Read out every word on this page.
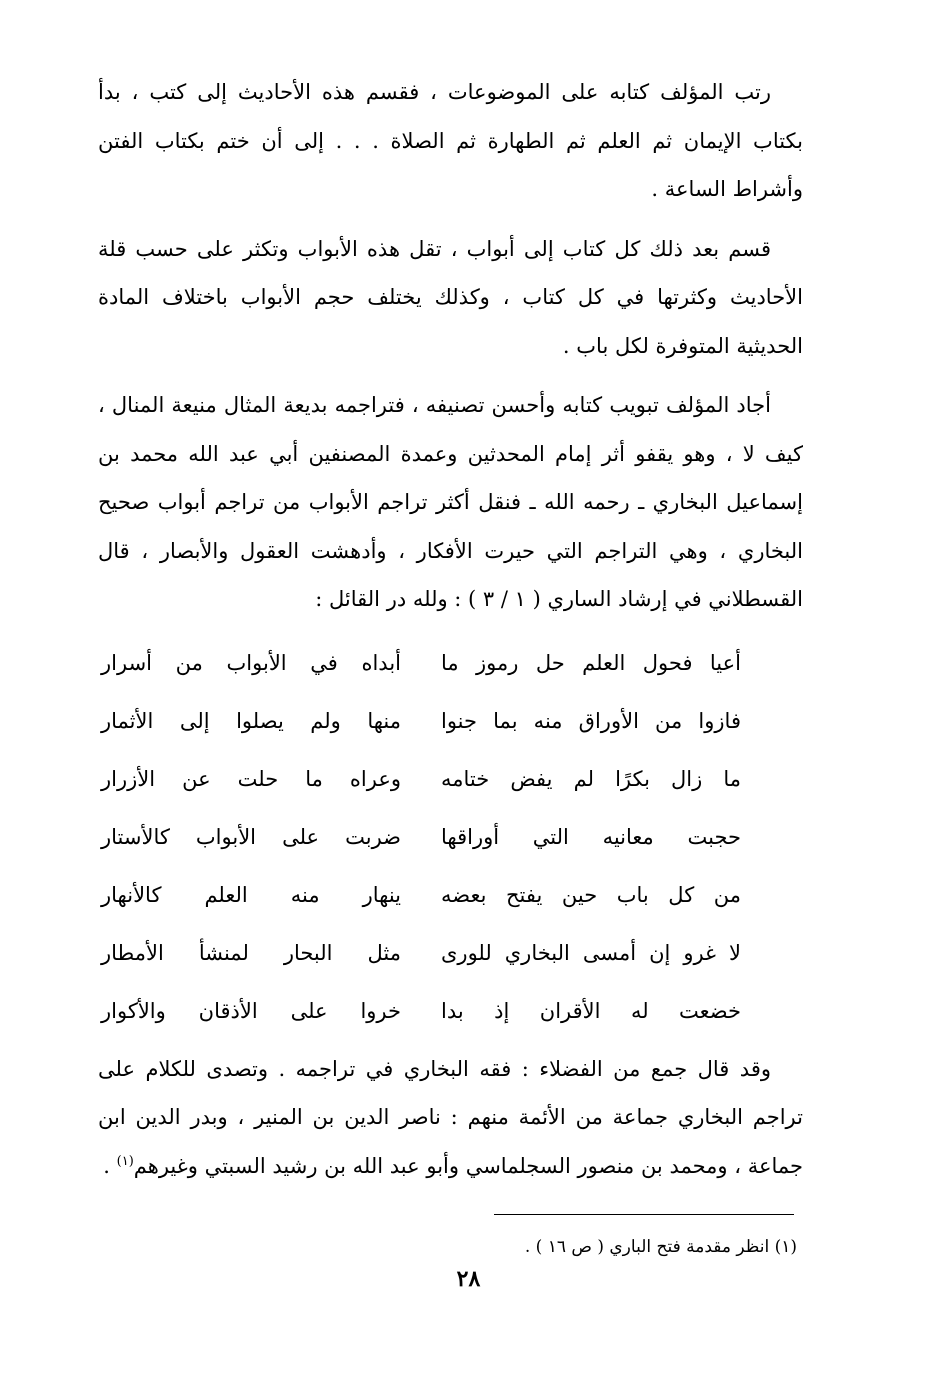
رتب المؤلف كتابه على الموضوعات ، فقسم هذه الأحاديث إلى كتب ، بدأ بكتاب الإيمان ثم العلم ثم الطهارة ثم الصلاة . . . إلى أن ختم بكتاب الفتن وأشراط الساعة .

قسم بعد ذلك كل كتاب إلى أبواب ، تقل هذه الأبواب وتكثر على حسب قلة الأحاديث وكثرتها في كل كتاب ، وكذلك يختلف حجم الأبواب باختلاف المادة الحديثية المتوفرة لكل باب .

أجاد المؤلف تبويب كتابه وأحسن تصنيفه ، فتراجمه بديعة المثال منيعة المنال ، كيف لا ، وهو يقفو أثر إمام المحدثين وعمدة المصنفين أبي عبد الله محمد بن إسماعيل البخاري ـ رحمه الله ـ فنقل أكثر تراجم الأبواب من تراجم أبواب صحيح البخاري ، وهي التراجم التي حيرت الأفكار ، وأدهشت العقول والأبصار ، قال القسطلاني في إرشاد الساري ( ١ / ٣ ) : ولله در القائل :

أعيا فحول العلم حل رموز ما
أبداه في الأبواب من أسرار
فازوا من الأوراق منه بما جنوا
منها ولم يصلوا إلى الأثمار
ما زال بكرًا لم يفض ختامه
وعراه ما حلت عن الأزرار
حجبت معانيه التي أوراقها
ضربت على الأبواب كالأستار
من كل باب حين يفتح بعضه
ينهار منه العلم كالأنهار
لا غرو إن أمسى البخاري للورى
مثل البحار لمنشأ الأمطار
خضعت له الأقران إذ بدا
خروا على الأذقان والأكوار

وقد قال جمع من الفضلاء : فقه البخاري في تراجمه . وتصدى للكلام على تراجم البخاري جماعة من الأئمة منهم : ناصر الدين بن المنير ، وبدر الدين ابن جماعة ، ومحمد بن منصور السجلماسي وأبو عبد الله بن رشيد السبتي وغيرهم$^{(١)}$ .

(١) انظر مقدمة فتح الباري ( ص ١٦ ) .
٢٨
